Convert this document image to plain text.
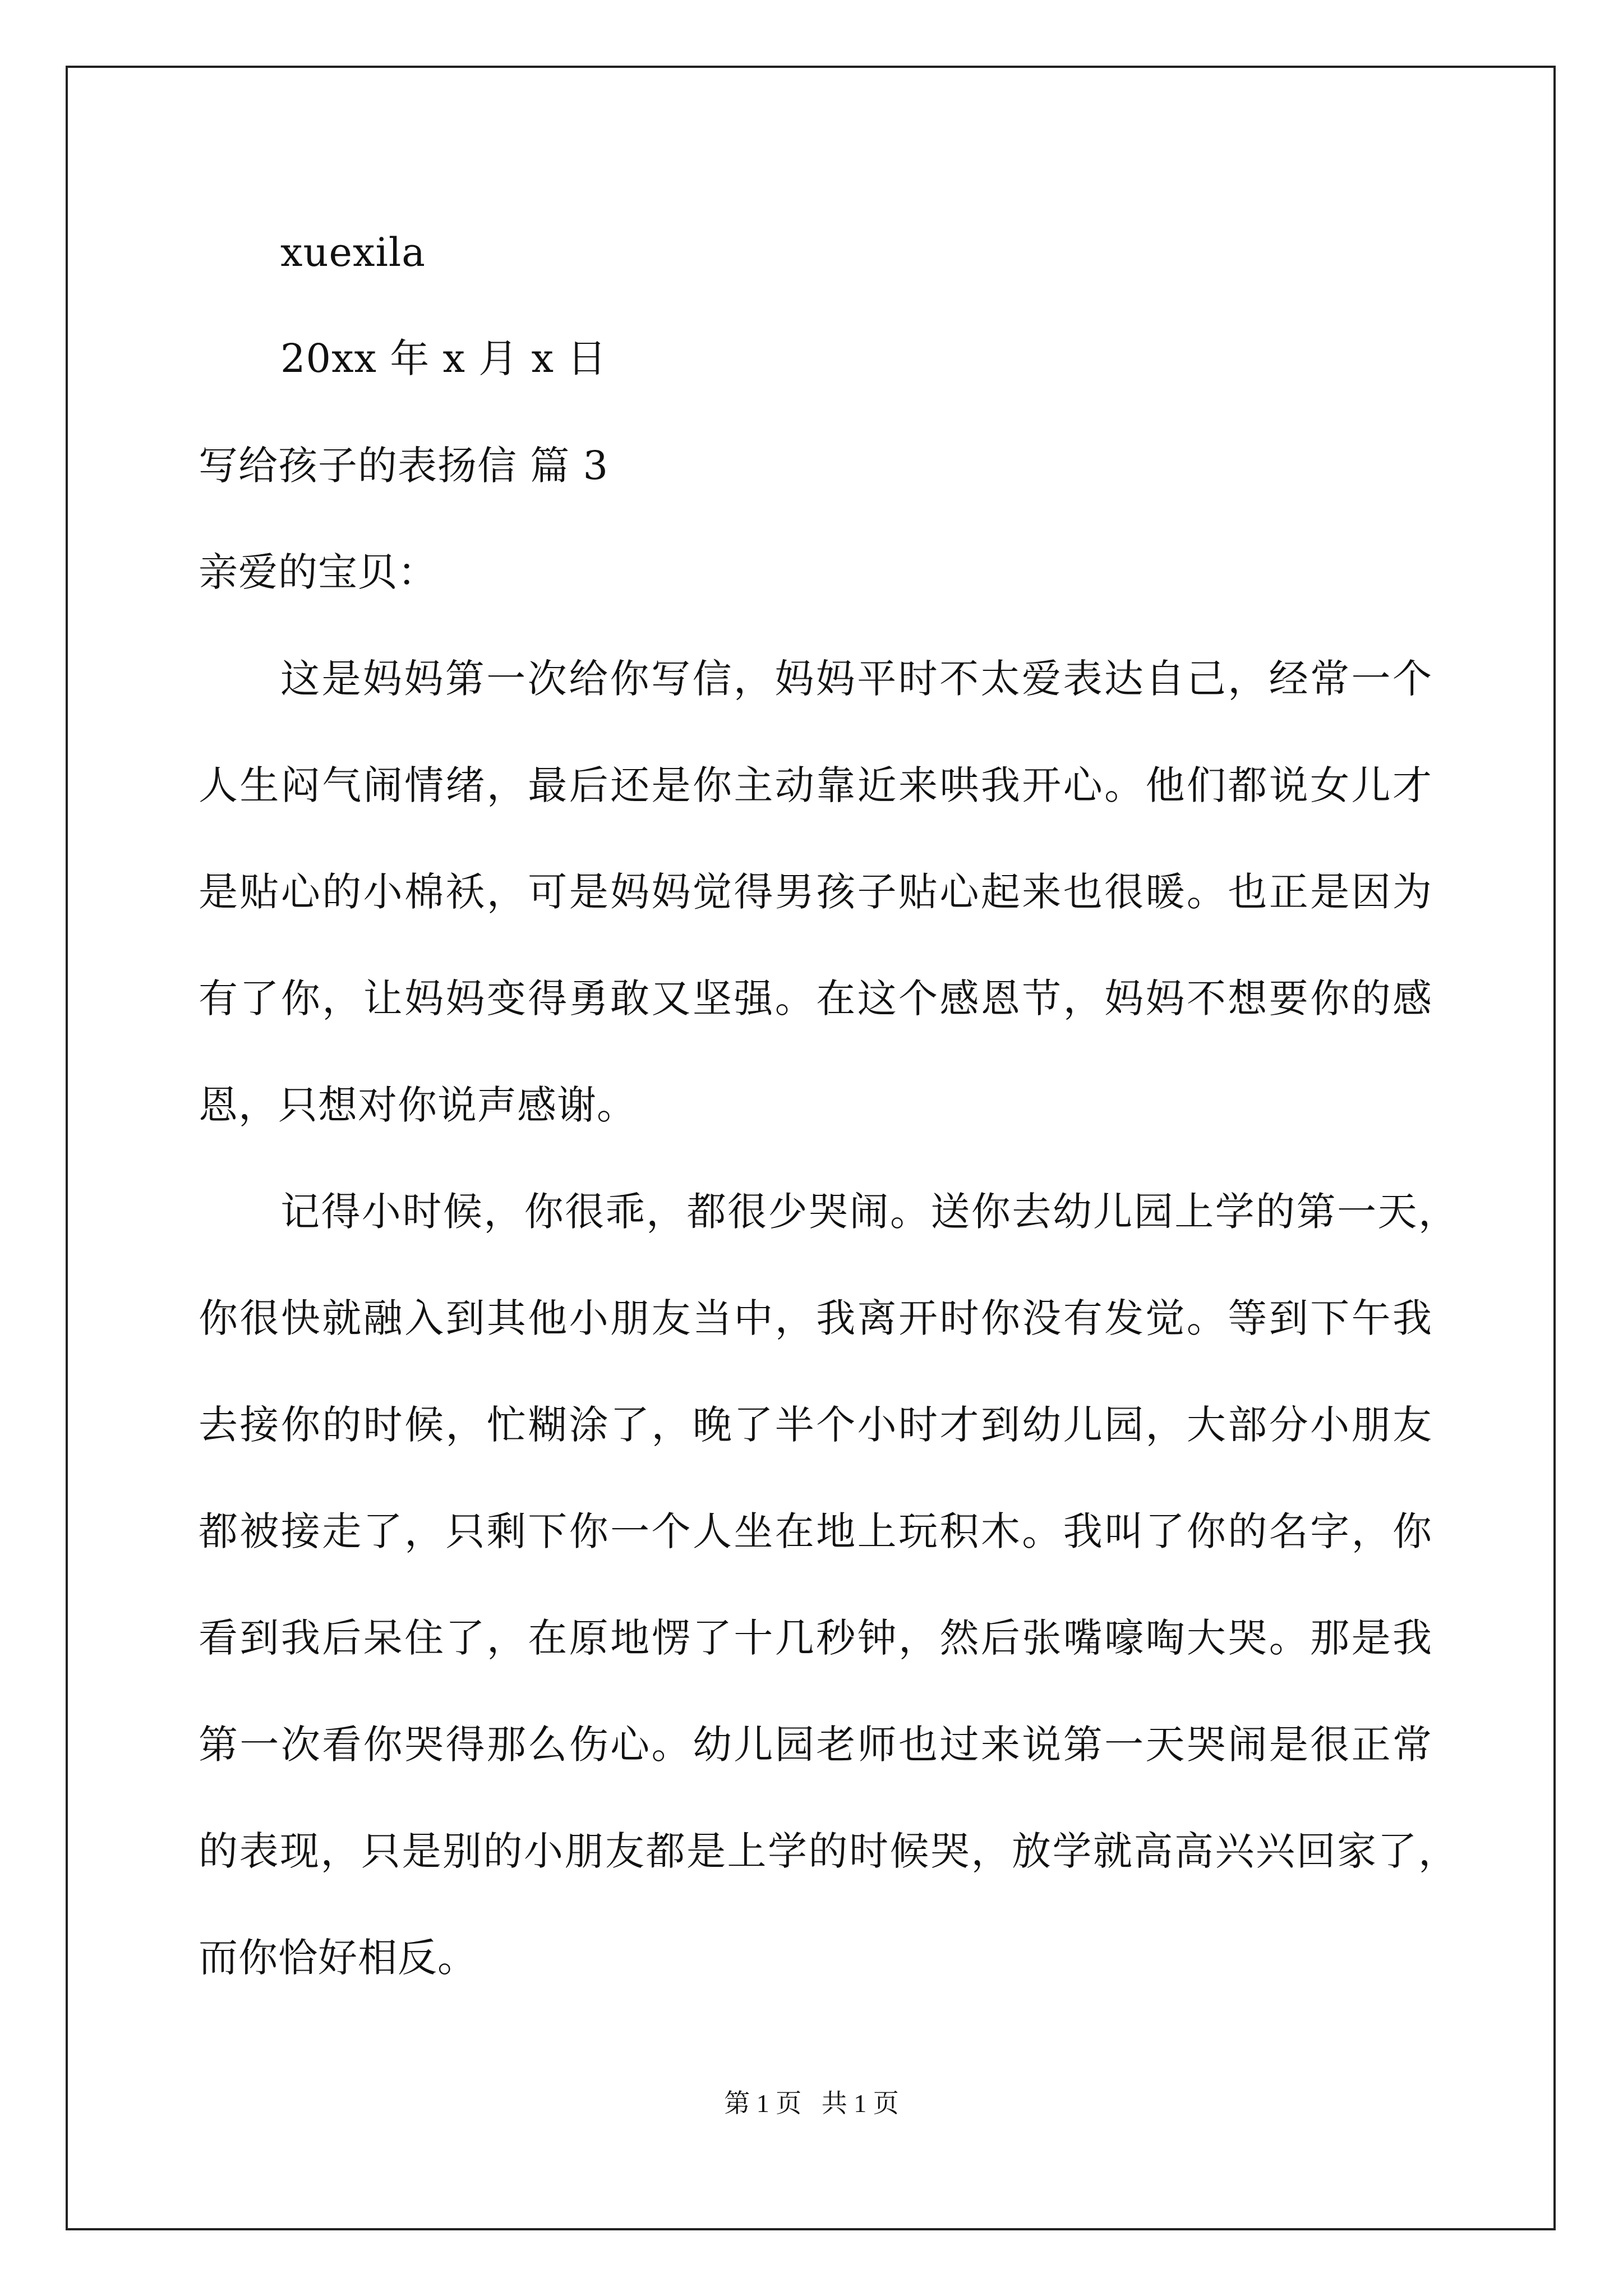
xuexila
20xx 年 x 月 x 日
写给孩子的表扬信 篇 3
亲爱的宝贝：
这是妈妈第一次给你写信，妈妈平时不太爱表达自己，经常一个
人生闷气闹情绪，最后还是你主动靠近来哄我开心。他们都说女儿才
是贴心的小棉袄，可是妈妈觉得男孩子贴心起来也很暖。也正是因为
有了你，让妈妈变得勇敢又坚强。在这个感恩节，妈妈不想要你的感
恩，只想对你说声感谢。
记得小时候，你很乖，都很少哭闹。送你去幼儿园上学的第一天，
你很快就融入到其他小朋友当中，我离开时你没有发觉。等到下午我
去接你的时候，忙糊涂了，晚了半个小时才到幼儿园，大部分小朋友
都被接走了，只剩下你一个人坐在地上玩积木。我叫了你的名字，你
看到我后呆住了，在原地愣了十几秒钟，然后张嘴嚎啕大哭。那是我
第一次看你哭得那么伤心。幼儿园老师也过来说第一天哭闹是很正常
的表现，只是别的小朋友都是上学的时候哭，放学就高高兴兴回家了，
而你恰好相反。
第 1 页 共 1 页
